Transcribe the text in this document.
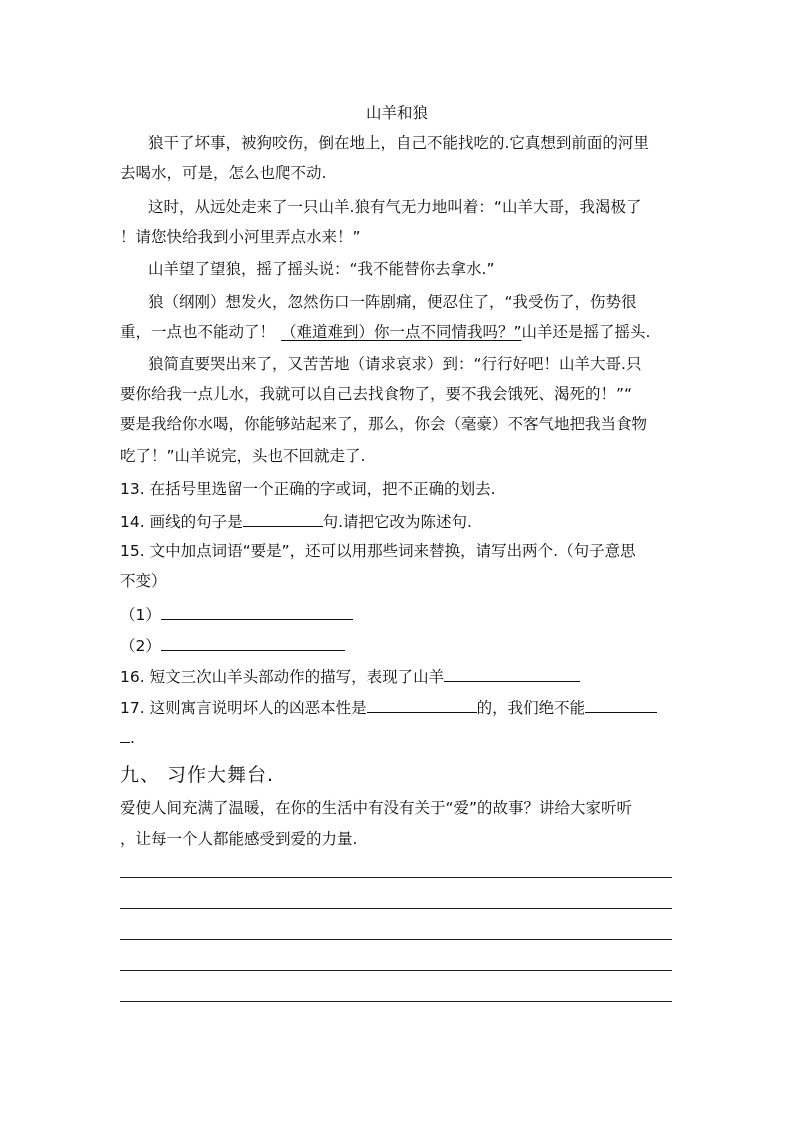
山羊和狼
狼干了坏事，被狗咬伤，倒在地上，自己不能找吃的.它真想到前面的河里
去喝水，可是，怎么也爬不动.
这时，从远处走来了一只山羊.狼有气无力地叫着：“山羊大哥，我渴极了
！请您快给我到小河里弄点水来！”
山羊望了望狼，摇了摇头说：“我不能替你去拿水.”
狼（纲刚）想发火，忽然伤口一阵剧痛，便忍住了，“我受伤了，伤势很
重，一点也不能动了！ （难道难到）你一点不同情我吗？”山羊还是摇了摇头.
狼简直要哭出来了，又苦苦地（请求哀求）到：“行行好吧！山羊大哥.只
要你给我一点儿水，我就可以自己去找食物了，要不我会饿死、渴死的！”“
要是我给你水喝，你能够站起来了，那么，你会（毫豪）不客气地把我当食物
吃了！”山羊说完，头也不回就走了.
13. 在括号里选留一个正确的字或词，把不正确的划去.
14. 画线的句子是	句.请把它改为陈述句.
15. 文中加点词语“要是”，还可以用那些词来替换，请写出两个.（句子意思
不变）
（1）
（2）
16. 短文三次山羊头部动作的描写，表现了山羊
17. 这则寓言说明坏人的凶恶本性是	的，我们绝不能
.
九、 习作大舞台.
爱使人间充满了温暖，在你的生活中有没有关于“爱”的故事？讲给大家听听
，让每一个人都能感受到爱的力量.
